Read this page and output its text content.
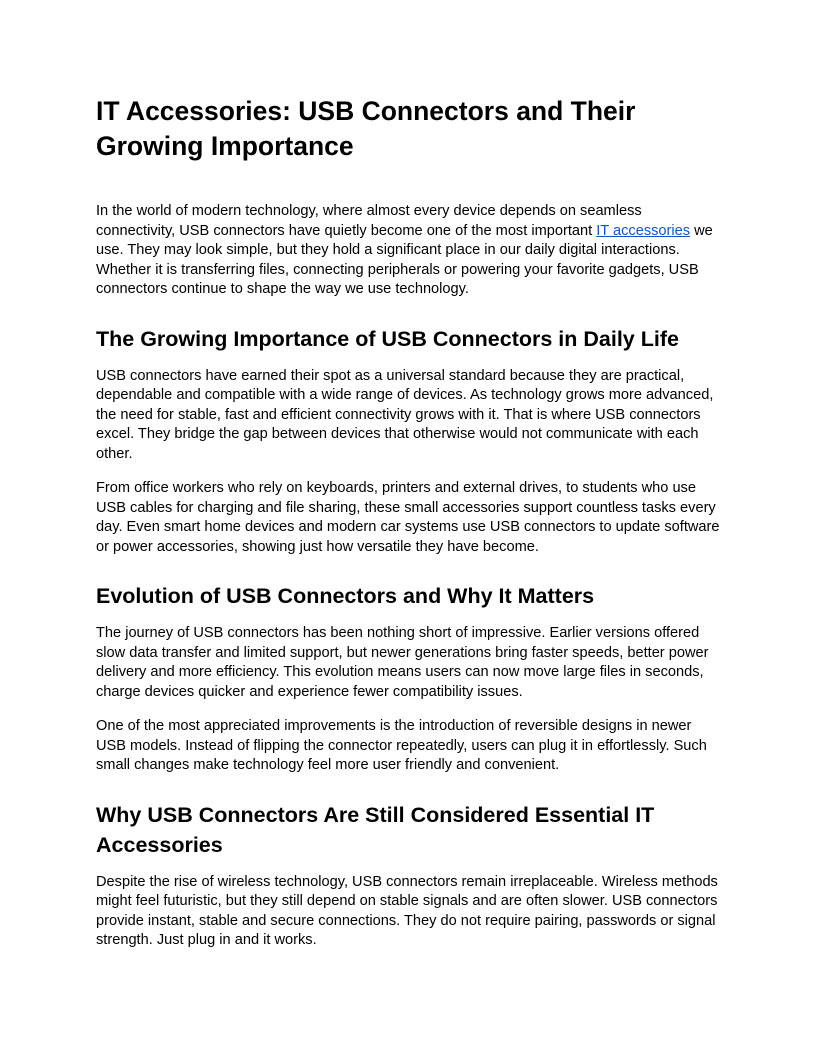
IT Accessories: USB Connectors and Their Growing Importance

In the world of modern technology, where almost every device depends on seamless connectivity, USB connectors have quietly become one of the most important IT accessories we use. They may look simple, but they hold a significant place in our daily digital interactions. Whether it is transferring files, connecting peripherals or powering your favorite gadgets, USB connectors continue to shape the way we use technology.

The Growing Importance of USB Connectors in Daily Life

USB connectors have earned their spot as a universal standard because they are practical, dependable and compatible with a wide range of devices. As technology grows more advanced, the need for stable, fast and efficient connectivity grows with it. That is where USB connectors excel. They bridge the gap between devices that otherwise would not communicate with each other.

From office workers who rely on keyboards, printers and external drives, to students who use USB cables for charging and file sharing, these small accessories support countless tasks every day. Even smart home devices and modern car systems use USB connectors to update software or power accessories, showing just how versatile they have become.

Evolution of USB Connectors and Why It Matters

The journey of USB connectors has been nothing short of impressive. Earlier versions offered slow data transfer and limited support, but newer generations bring faster speeds, better power delivery and more efficiency. This evolution means users can now move large files in seconds, charge devices quicker and experience fewer compatibility issues.

One of the most appreciated improvements is the introduction of reversible designs in newer USB models. Instead of flipping the connector repeatedly, users can plug it in effortlessly. Such small changes make technology feel more user friendly and convenient.

Why USB Connectors Are Still Considered Essential IT Accessories

Despite the rise of wireless technology, USB connectors remain irreplaceable. Wireless methods might feel futuristic, but they still depend on stable signals and are often slower. USB connectors provide instant, stable and secure connections. They do not require pairing, passwords or signal strength. Just plug in and it works.
